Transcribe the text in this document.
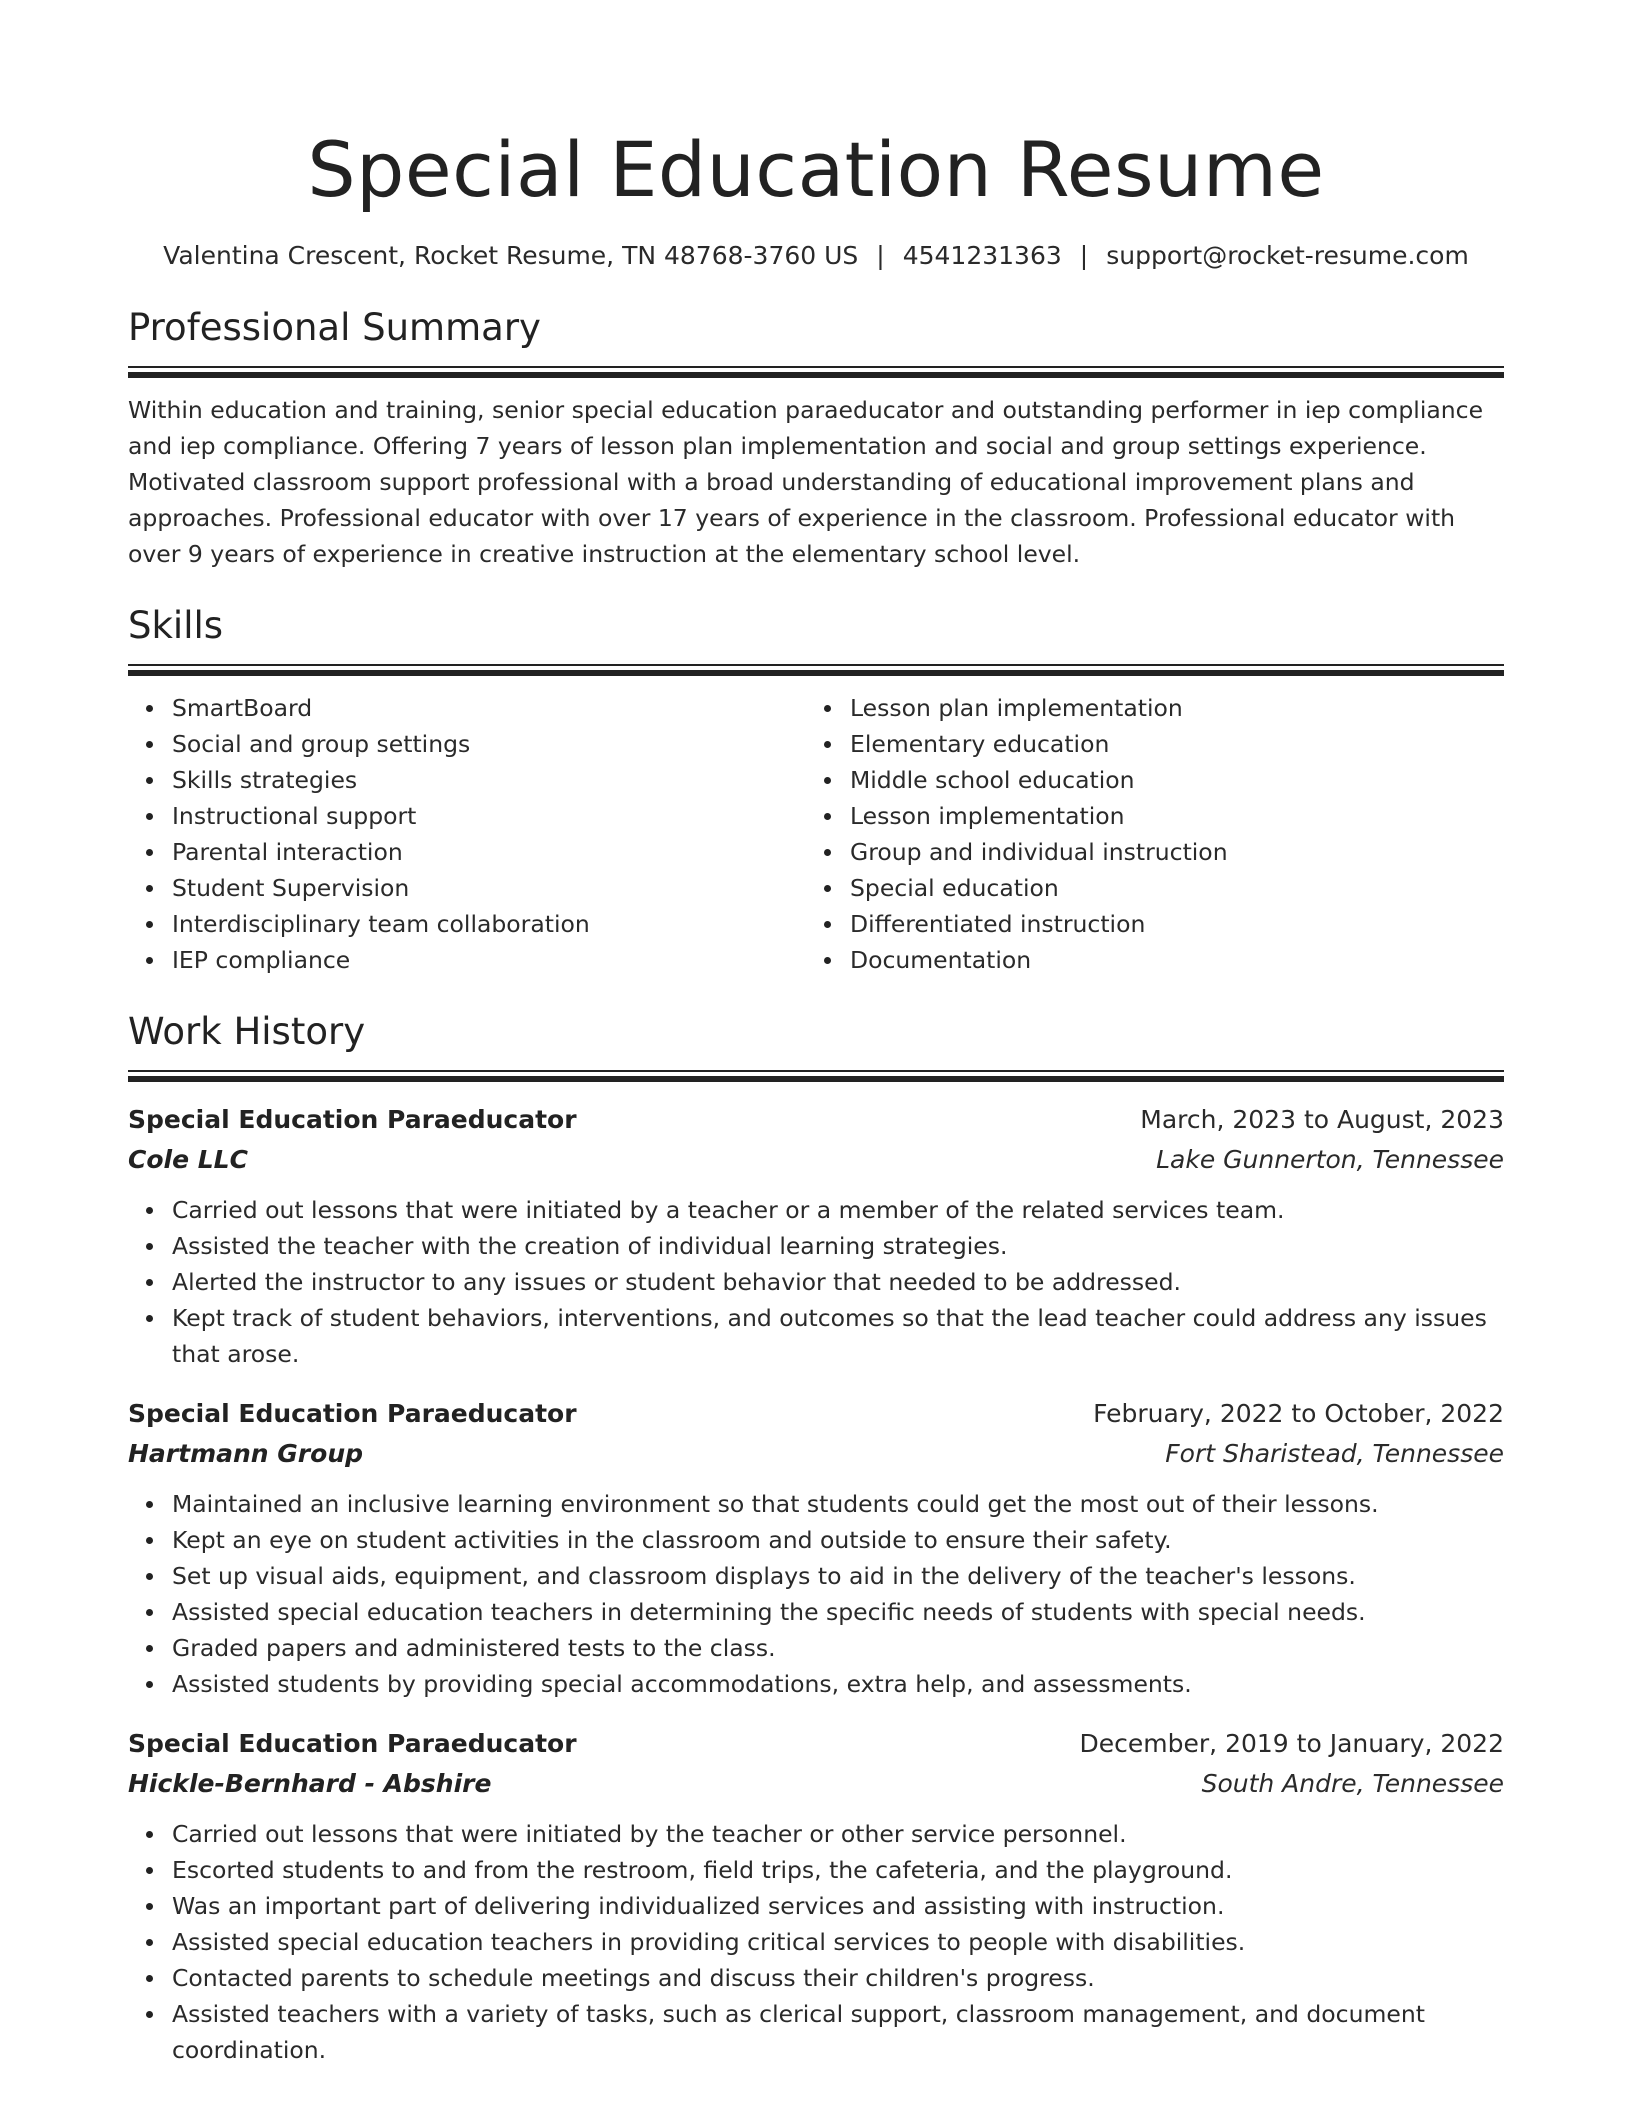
Special Education Resume
Valentina Crescent, Rocket Resume, TN 48768-3760 US | 4541231363 | support@rocket-resume.com
Professional Summary
Within education and training, senior special education paraeducator and outstanding performer in iep compliance and iep compliance. Offering 7 years of lesson plan implementation and social and group settings experience. Motivated classroom support professional with a broad understanding of educational improvement plans and approaches. Professional educator with over 17 years of experience in the classroom. Professional educator with over 9 years of experience in creative instruction at the elementary school level.
Skills
SmartBoard
Social and group settings
Skills strategies
Instructional support
Parental interaction
Student Supervision
Interdisciplinary team collaboration
IEP compliance
Lesson plan implementation
Elementary education
Middle school education
Lesson implementation
Group and individual instruction
Special education
Differentiated instruction
Documentation
Work History
Special Education Paraeducator	March, 2023 to August, 2023
Cole LLC	Lake Gunnerton, Tennessee
Carried out lessons that were initiated by a teacher or a member of the related services team.
Assisted the teacher with the creation of individual learning strategies.
Alerted the instructor to any issues or student behavior that needed to be addressed.
Kept track of student behaviors, interventions, and outcomes so that the lead teacher could address any issues that arose.
Special Education Paraeducator	February, 2022 to October, 2022
Hartmann Group	Fort Sharistead, Tennessee
Maintained an inclusive learning environment so that students could get the most out of their lessons.
Kept an eye on student activities in the classroom and outside to ensure their safety.
Set up visual aids, equipment, and classroom displays to aid in the delivery of the teacher's lessons.
Assisted special education teachers in determining the specific needs of students with special needs.
Graded papers and administered tests to the class.
Assisted students by providing special accommodations, extra help, and assessments.
Special Education Paraeducator	December, 2019 to January, 2022
Hickle-Bernhard - Abshire	South Andre, Tennessee
Carried out lessons that were initiated by the teacher or other service personnel.
Escorted students to and from the restroom, field trips, the cafeteria, and the playground.
Was an important part of delivering individualized services and assisting with instruction.
Assisted special education teachers in providing critical services to people with disabilities.
Contacted parents to schedule meetings and discuss their children's progress.
Assisted teachers with a variety of tasks, such as clerical support, classroom management, and document coordination.
